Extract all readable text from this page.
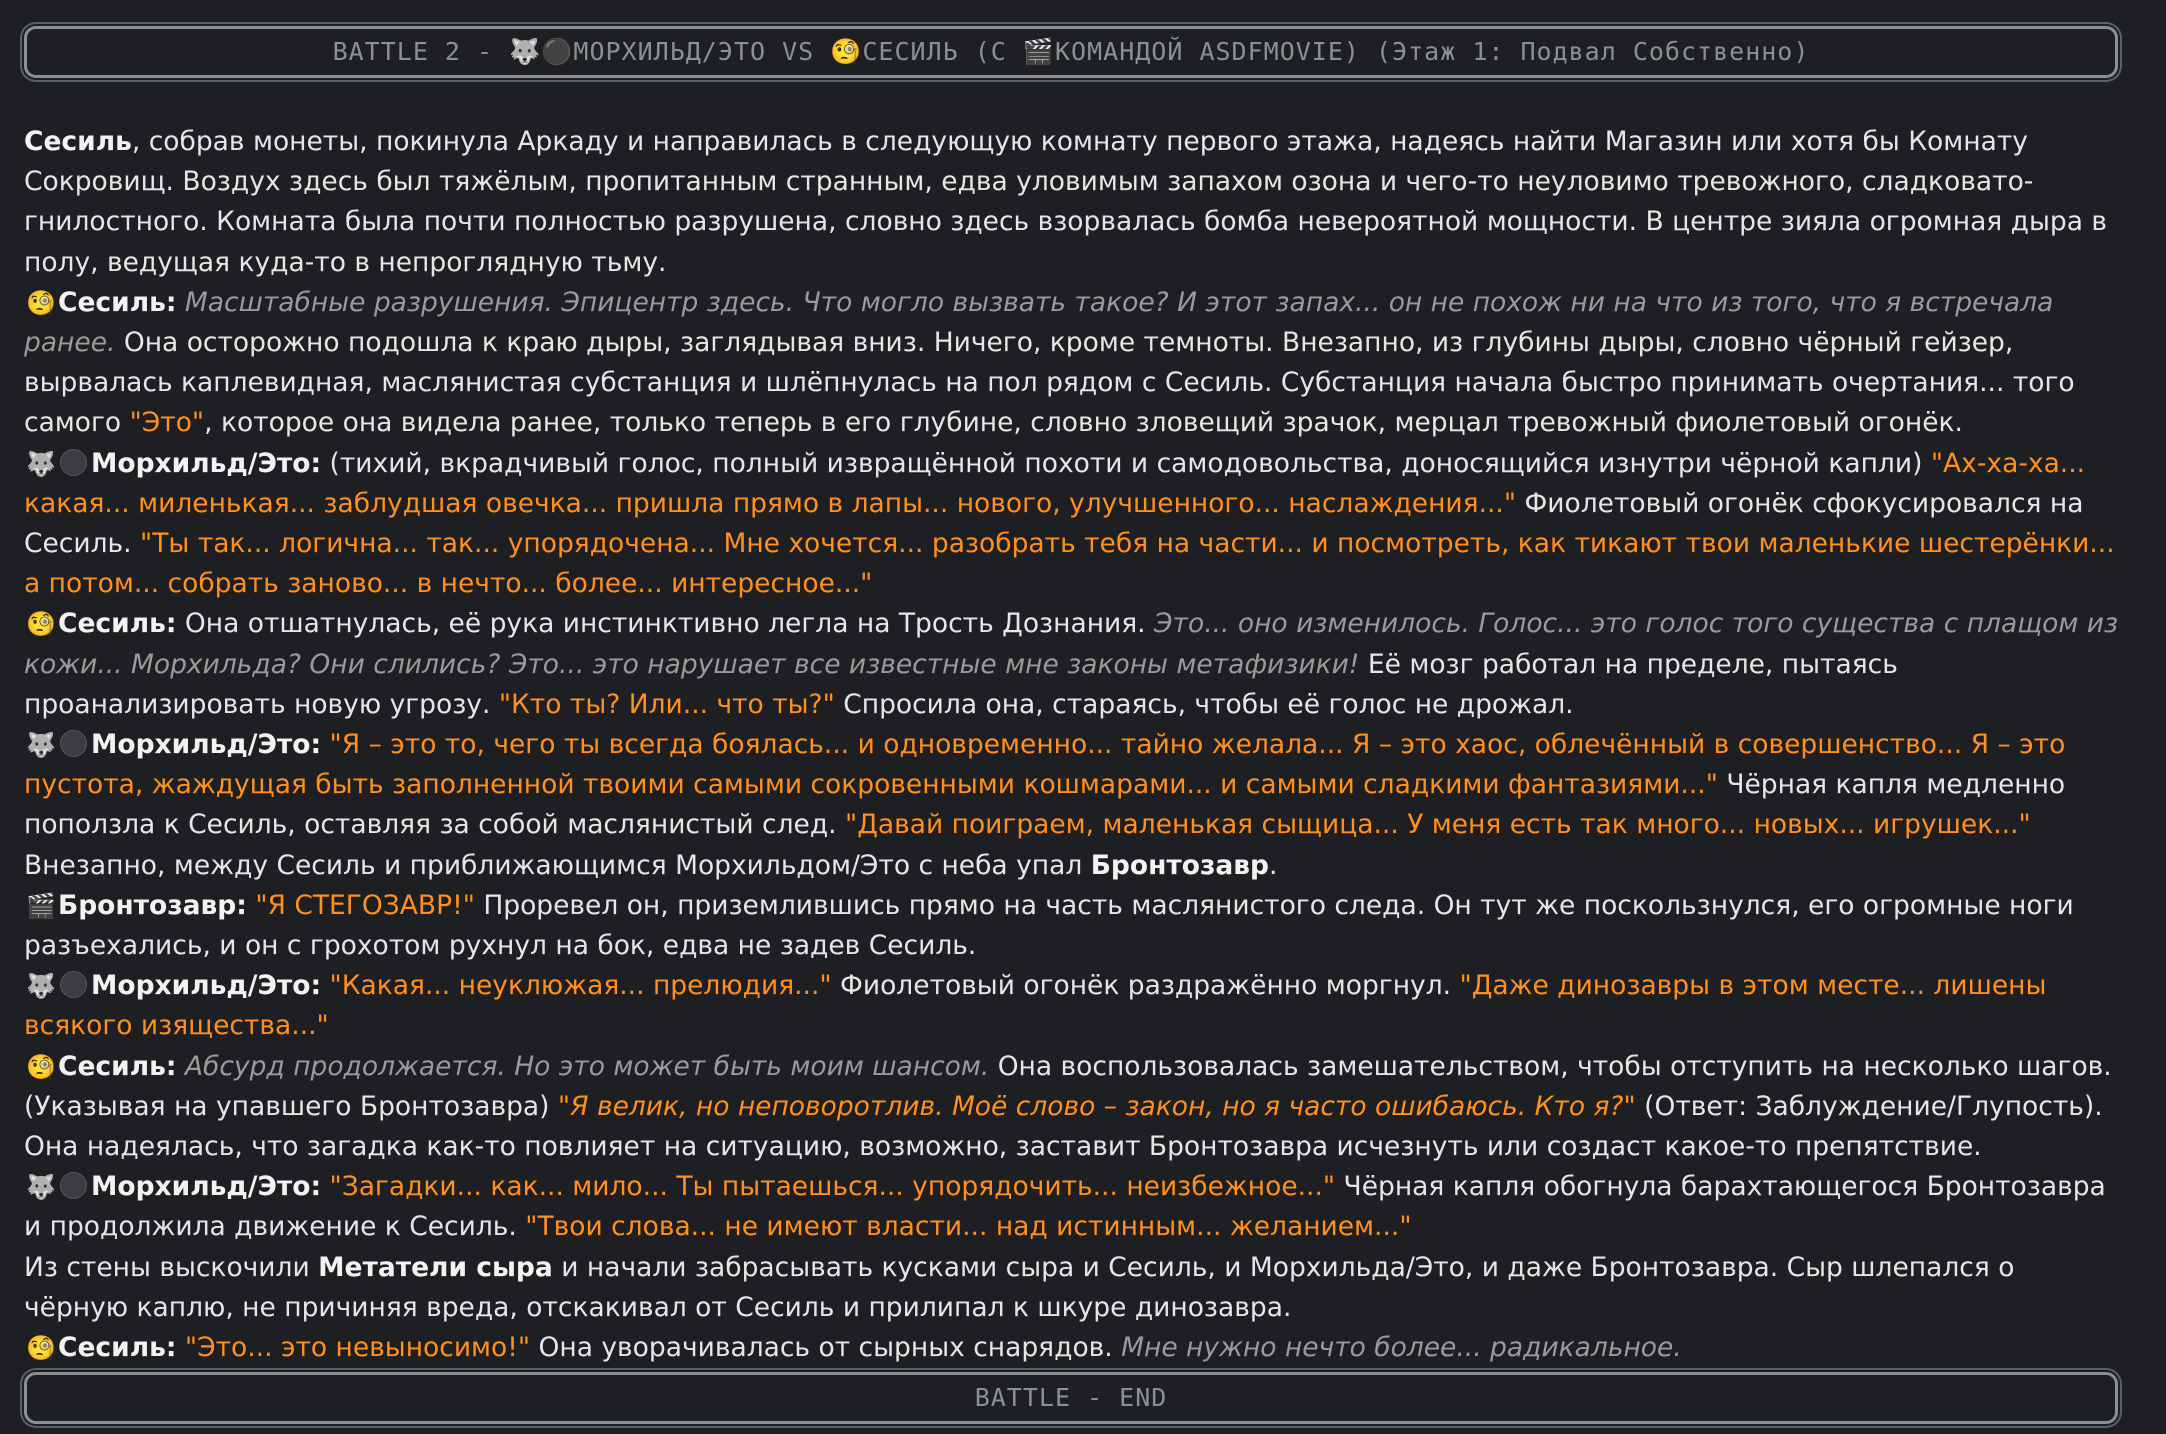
BATTLE 2 - 🐺⚫МОРХИЛЬД/ЭТО VS 🧐СЕСИЛЬ (С 🎬КОМАНДОЙ ASDFMOVIE) (Этаж 1: Подвал Собственно)

Сесиль, собрав монеты, покинула Аркаду и направилась в следующую комнату первого этажа, надеясь найти Магазин или хотя бы Комнату Сокровищ. Воздух здесь был тяжёлым, пропитанным странным, едва уловимым запахом озона и чего-то неуловимо тревожного, сладковато-гнилостного. Комната была почти полностью разрушена, словно здесь взорвалась бомба невероятной мощности. В центре зияла огромная дыра в полу, ведущая куда-то в непроглядную тьму.

🧐Сесиль: Масштабные разрушения. Эпицентр здесь. Что могло вызвать такое? И этот запах... он не похож ни на что из того, что я встречала ранее. Она осторожно подошла к краю дыры, заглядывая вниз. Ничего, кроме темноты. Внезапно, из глубины дыры, словно чёрный гейзер, вырвалась каплевидная, маслянистая субстанция и шлёпнулась на пол рядом с Сесиль. Субстанция начала быстро принимать очертания... того самого "Это", которое она видела ранее, только теперь в его глубине, словно зловещий зрачок, мерцал тревожный фиолетовый огонёк.

🐺 Морхильд/Это: (тихий, вкрадчивый голос, полный извращённой похоти и самодовольства, доносящийся изнутри чёрной капли) "Ах-ха-ха... какая... миленькая... заблудшая овечка... пришла прямо в лапы... нового, улучшенного... наслаждения..." Фиолетовый огонёк сфокусировался на Сесиль. "Ты так... логична... так... упорядочена... Мне хочется... разобрать тебя на части... и посмотреть, как тикают твои маленькие шестерёнки... а потом... собрать заново... в нечто... более... интересное..."

🧐Сесиль: Она отшатнулась, её рука инстинктивно легла на Трость Дознания. Это... оно изменилось. Голос... это голос того существа с плащом из кожи... Морхильда? Они слились? Это... это нарушает все известные мне законы метафизики! Её мозг работал на пределе, пытаясь проанализировать новую угрозу. "Кто ты? Или... что ты?" Спросила она, стараясь, чтобы её голос не дрожал.

🐺 Морхильд/Это: "Я – это то, чего ты всегда боялась... и одновременно... тайно желала... Я – это хаос, облечённый в совершенство... Я – это пустота, жаждущая быть заполненной твоими самыми сокровенными кошмарами... и самыми сладкими фантазиями..." Чёрная капля медленно поползла к Сесиль, оставляя за собой маслянистый след. "Давай поиграем, маленькая сыщица... У меня есть так много... новых... игрушек..."

Внезапно, между Сесиль и приближающимся Морхильдом/Это с неба упал Бронтозавр.

🎬Бронтозавр: "Я СТЕГОЗАВР!" Проревел он, приземлившись прямо на часть маслянистого следа. Он тут же поскользнулся, его огромные ноги разъехались, и он с грохотом рухнул на бок, едва не задев Сесиль.

🐺 Морхильд/Это: "Какая... неуклюжая... прелюдия..." Фиолетовый огонёк раздражённо моргнул. "Даже динозавры в этом месте... лишены всякого изящества..."

🧐Сесиль: Абсурд продолжается. Но это может быть моим шансом. Она воспользовалась замешательством, чтобы отступить на несколько шагов. (Указывая на упавшего Бронтозавра) "Я велик, но неповоротлив. Моё слово – закон, но я часто ошибаюсь. Кто я?" (Ответ: Заблуждение/Глупость). Она надеялась, что загадка как-то повлияет на ситуацию, возможно, заставит Бронтозавра исчезнуть или создаст какое-то препятствие.

🐺 Морхильд/Это: "Загадки... как... мило... Ты пытаешься... упорядочить... неизбежное..." Чёрная капля обогнула барахтающегося Бронтозавра и продолжила движение к Сесиль. "Твои слова... не имеют власти... над истинным... желанием..."

Из стены выскочили Метатели сыра и начали забрасывать кусками сыра и Сесиль, и Морхильда/Это, и даже Бронтозавра. Сыр шлепался о чёрную каплю, не причиняя вреда, отскакивал от Сесиль и прилипал к шкуре динозавра.

🧐Сесиль: "Это... это невыносимо!" Она уворачивалась от сырных снарядов. Мне нужно нечто более... радикальное.

BATTLE - END
